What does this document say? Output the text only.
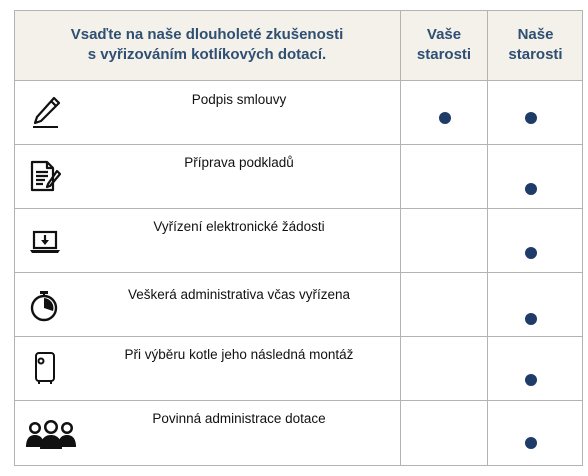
Vsaďte na naše dlouholeté zkušenosti
s vyřizováním kotlíkových dotací.
Vaše
starosti
Naše
starosti
Podpis smlouvy
Příprava podkladů
Vyřízení elektronické žádosti
Veškerá administrativa včas vyřízena
Při výběru kotle jeho následná montáž
Povinná administrace dotace
